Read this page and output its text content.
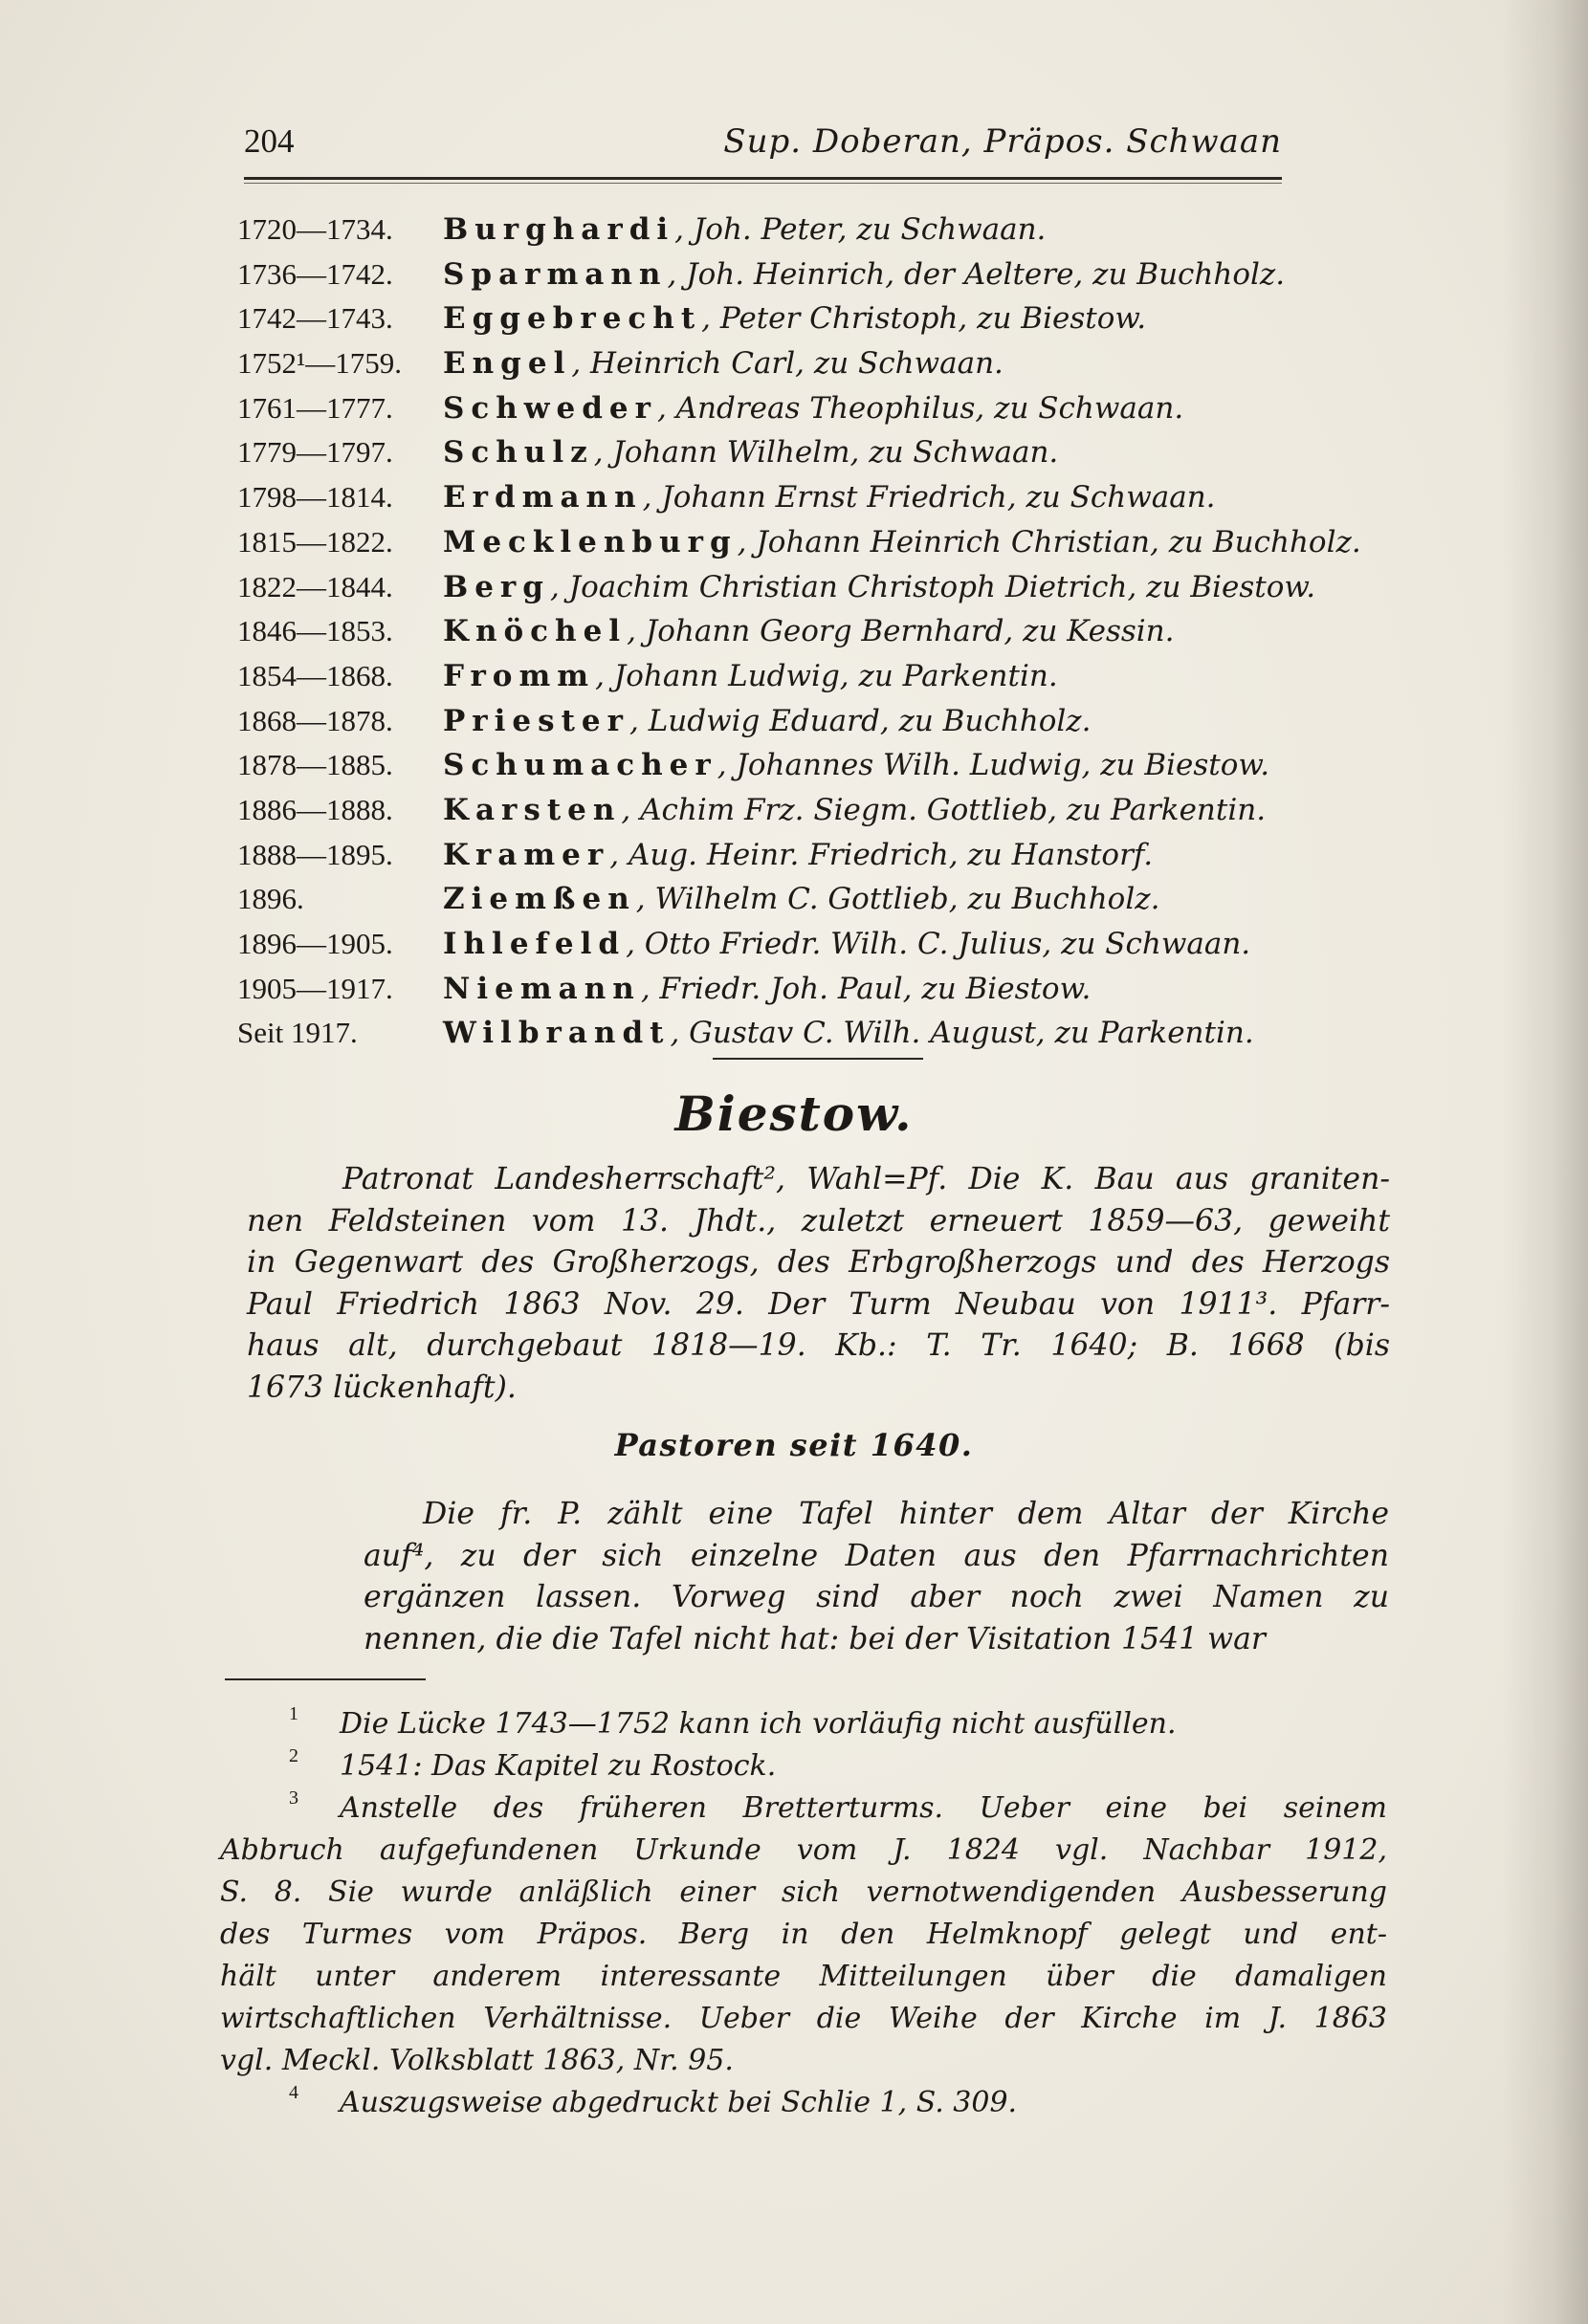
204	Sup. Doberan, Präpos. Schwaan
1720—1734.	Burghardi, Joh. Peter, zu Schwaan.
1736—1742.	Sparmann, Joh. Heinrich, der Aeltere, zu Buchholz.
1742—1743.	Eggebrecht, Peter Christoph, zu Biestow.
1752¹—1759.	Engel, Heinrich Carl, zu Schwaan.
1761—1777.	Schweder, Andreas Theophilus, zu Schwaan.
1779—1797.	Schulz, Johann Wilhelm, zu Schwaan.
1798—1814.	Erdmann, Johann Ernst Friedrich, zu Schwaan.
1815—1822.	Mecklenburg, Johann Heinrich Christian, zu Buchholz.
1822—1844.	Berg, Joachim Christian Christoph Dietrich, zu Biestow.
1846—1853.	Knöchel, Johann Georg Bernhard, zu Kessin.
1854—1868.	Fromm, Johann Ludwig, zu Parkentin.
1868—1878.	Priester, Ludwig Eduard, zu Buchholz.
1878—1885.	Schumacher, Johannes Wilh. Ludwig, zu Biestow.
1886—1888.	Karsten, Achim Frz. Siegm. Gottlieb, zu Parkentin.
1888—1895.	Kramer, Aug. Heinr. Friedrich, zu Hanstorf.
1896.	Ziemßen, Wilhelm C. Gottlieb, zu Buchholz.
1896—1905.	Ihlefeld, Otto Friedr. Wilh. C. Julius, zu Schwaan.
1905—1917.	Niemann, Friedr. Joh. Paul, zu Biestow.
Seit 1917.	Wilbrandt, Gustav C. Wilh. August, zu Parkentin.
Biestow.
Patronat Landesherrschaft², Wahl=Pf. Die K. Bau aus graniten-
nen Feldsteinen vom 13. Jhdt., zuletzt erneuert 1859—63, geweiht
in Gegenwart des Großherzogs, des Erbgroßherzogs und des Herzogs
Paul Friedrich 1863 Nov. 29. Der Turm Neubau von 1911³. Pfarr-
haus alt, durchgebaut 1818—19. Kb.: T. Tr. 1640; B. 1668 (bis
1673 lückenhaft).
Pastoren seit 1640.
Die fr. P. zählt eine Tafel hinter dem Altar der Kirche
auf⁴, zu der sich einzelne Daten aus den Pfarrnachrichten
ergänzen lassen. Vorweg sind aber noch zwei Namen zu
nennen, die die Tafel nicht hat: bei der Visitation 1541 war
1	Die Lücke 1743—1752 kann ich vorläufig nicht ausfüllen.
2	1541: Das Kapitel zu Rostock.
3	Anstelle des früheren Bretterturms. Ueber eine bei seinem
Abbruch aufgefundenen Urkunde vom J. 1824 vgl. Nachbar 1912,
S. 8. Sie wurde anläßlich einer sich vernotwendigenden Ausbesserung
des Turmes vom Präpos. Berg in den Helmknopf gelegt und ent-
hält unter anderem interessante Mitteilungen über die damaligen
wirtschaftlichen Verhältnisse. Ueber die Weihe der Kirche im J. 1863
vgl. Meckl. Volksblatt 1863, Nr. 95.
4	Auszugsweise abgedruckt bei Schlie 1, S. 309.
